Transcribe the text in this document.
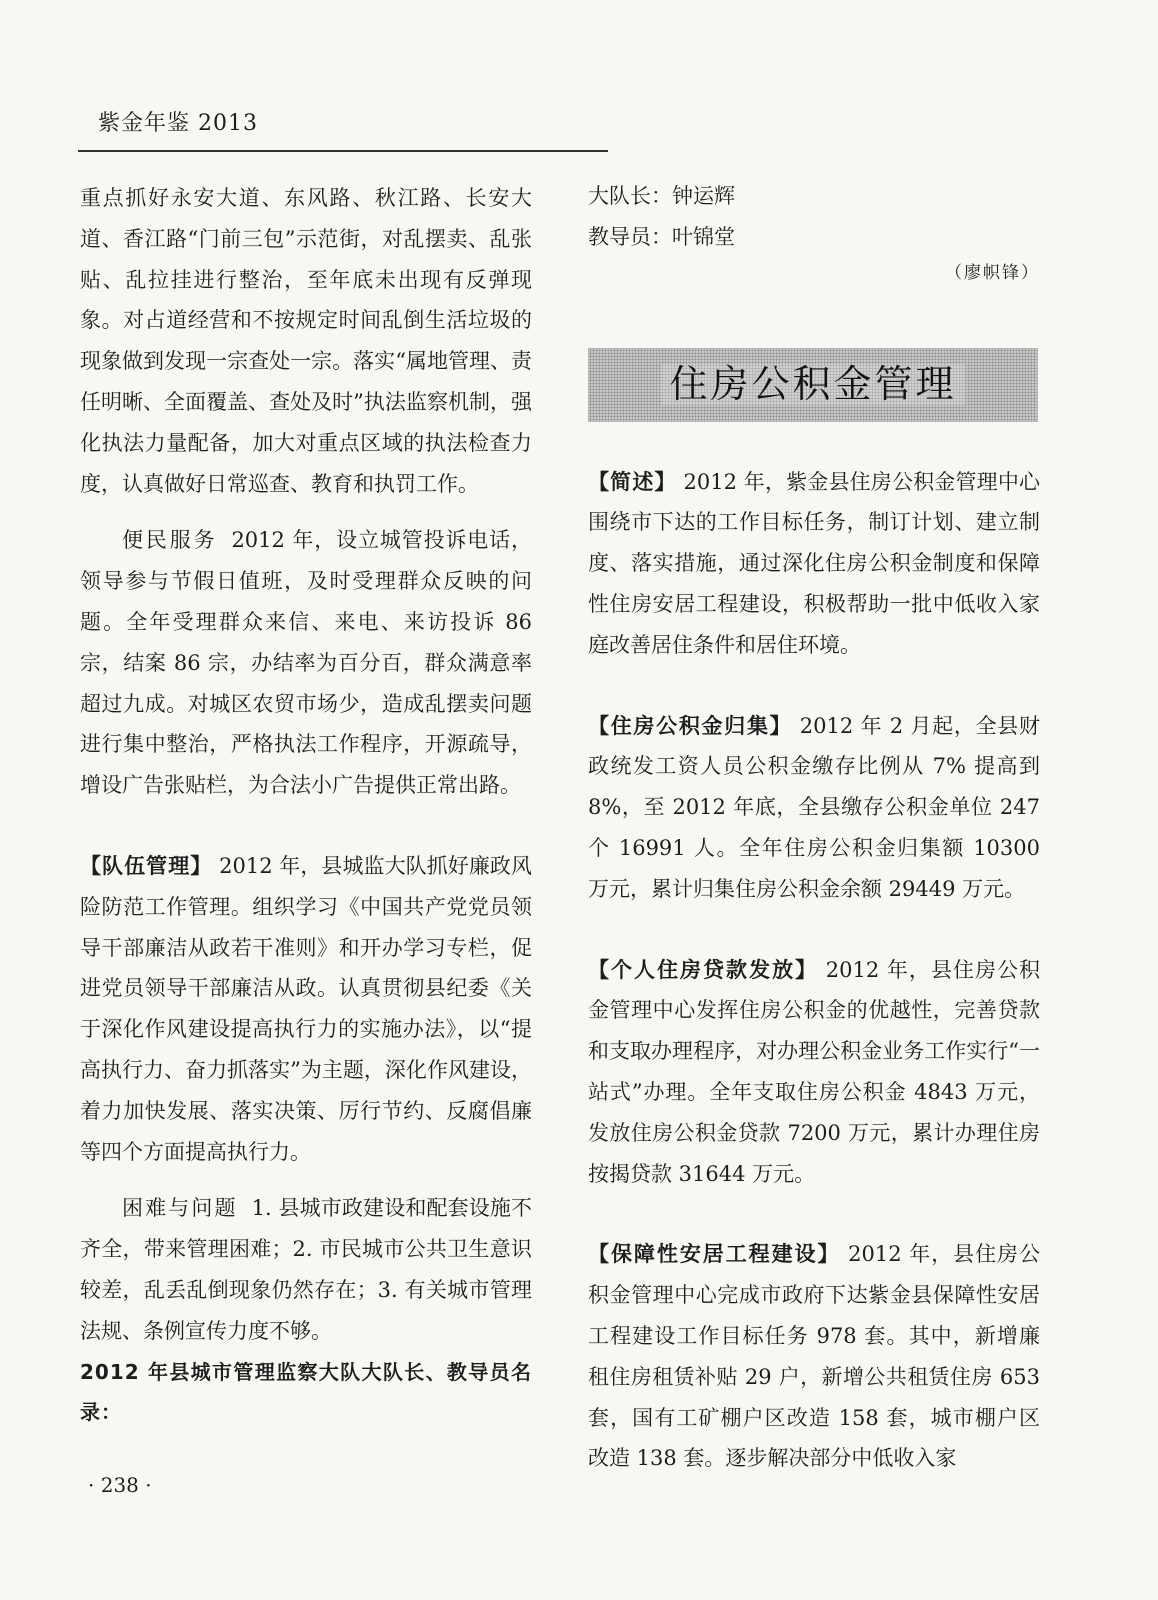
紫金年鉴 2013

重点抓好永安大道、东风路、秋江路、长安大道、香江路“门前三包”示范街，对乱摆卖、乱张贴、乱拉挂进行整治，至年底未出现有反弹现象。对占道经营和不按规定时间乱倒生活垃圾的现象做到发现一宗查处一宗。落实“属地管理、责任明晰、全面覆盖、查处及时”执法监察机制，强化执法力量配备，加大对重点区域的执法检查力度，认真做好日常巡查、教育和执罚工作。

便民服务 2012 年，设立城管投诉电话，领导参与节假日值班，及时受理群众反映的问题。全年受理群众来信、来电、来访投诉 86 宗，结案 86 宗，办结率为百分百，群众满意率超过九成。对城区农贸市场少，造成乱摆卖问题进行集中整治，严格执法工作程序，开源疏导，增设广告张贴栏，为合法小广告提供正常出路。

【队伍管理】 2012 年，县城监大队抓好廉政风险防范工作管理。组织学习《中国共产党党员领导干部廉洁从政若干准则》和开办学习专栏，促进党员领导干部廉洁从政。认真贯彻县纪委《关于深化作风建设提高执行力的实施办法》，以“提高执行力、奋力抓落实”为主题，深化作风建设，着力加快发展、落实决策、厉行节约、反腐倡廉等四个方面提高执行力。

困难与问题 1. 县城市政建设和配套设施不齐全，带来管理困难；2. 市民城市公共卫生意识较差，乱丢乱倒现象仍然存在；3. 有关城市管理法规、条例宣传力度不够。

2012 年县城市管理监察大队大队长、教导员名录：

大队长：钟运辉

教导员：叶锦堂

（廖帜锋）

住房公积金管理

【简述】 2012 年，紫金县住房公积金管理中心围绕市下达的工作目标任务，制订计划、建立制度、落实措施，通过深化住房公积金制度和保障性住房安居工程建设，积极帮助一批中低收入家庭改善居住条件和居住环境。

【住房公积金归集】 2012 年 2 月起，全县财政统发工资人员公积金缴存比例从 7% 提高到 8%，至 2012 年底，全县缴存公积金单位 247 个 16991 人。全年住房公积金归集额 10300 万元，累计归集住房公积金余额 29449 万元。

【个人住房贷款发放】 2012 年，县住房公积金管理中心发挥住房公积金的优越性，完善贷款和支取办理程序，对办理公积金业务工作实行“一站式”办理。全年支取住房公积金 4843 万元，发放住房公积金贷款 7200 万元，累计办理住房按揭贷款 31644 万元。

【保障性安居工程建设】 2012 年，县住房公积金管理中心完成市政府下达紫金县保障性安居工程建设工作目标任务 978 套。其中，新增廉租住房租赁补贴 29 户，新增公共租赁住房 653 套，国有工矿棚户区改造 158 套，城市棚户区改造 138 套。逐步解决部分中低收入家

· 238 ·
